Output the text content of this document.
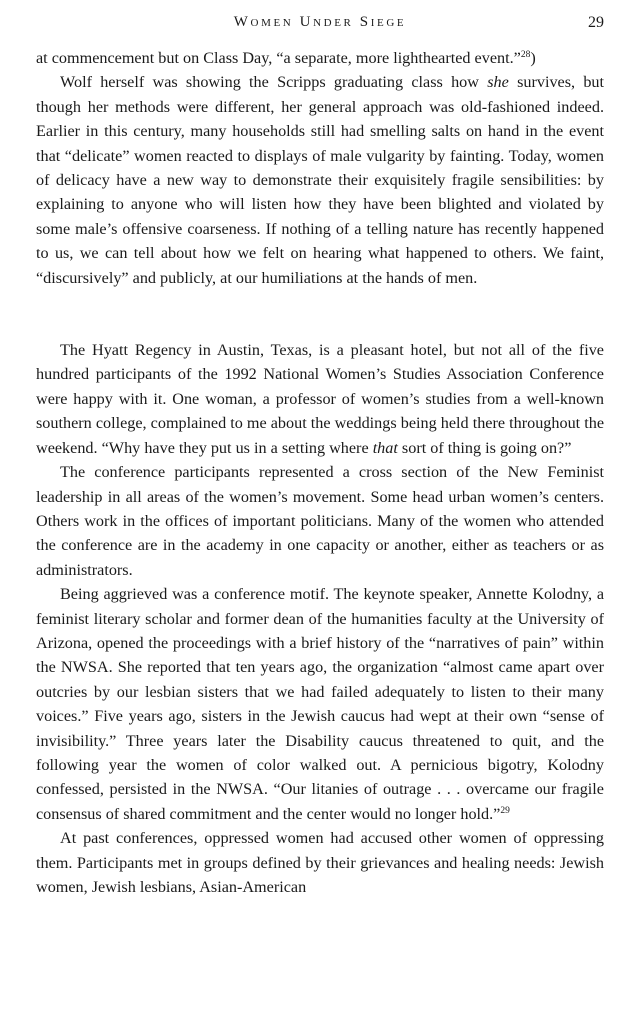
Women Under Siege	29

at commencement but on Class Day, “a separate, more lighthearted event.”$^{28}$)

Wolf herself was showing the Scripps graduating class how she survives, but though her methods were different, her general approach was old-fashioned indeed. Earlier in this century, many households still had smelling salts on hand in the event that “delicate” women reacted to displays of male vulgarity by fainting. Today, women of delicacy have a new way to demonstrate their exquisitely fragile sensibilities: by explaining to anyone who will listen how they have been blighted and violated by some male’s offensive coarseness. If nothing of a telling nature has recently happened to us, we can tell about how we felt on hearing what happened to others. We faint, “discursively” and publicly, at our humiliations at the hands of men.

The Hyatt Regency in Austin, Texas, is a pleasant hotel, but not all of the five hundred participants of the 1992 National Women’s Studies Association Conference were happy with it. One woman, a professor of women’s studies from a well-known southern college, complained to me about the weddings being held there throughout the weekend. “Why have they put us in a setting where that sort of thing is going on?”

The conference participants represented a cross section of the New Feminist leadership in all areas of the women’s movement. Some head urban women’s centers. Others work in the offices of important politicians. Many of the women who attended the conference are in the academy in one capacity or another, either as teachers or as administrators.

Being aggrieved was a conference motif. The keynote speaker, Annette Kolodny, a feminist literary scholar and former dean of the humanities faculty at the University of Arizona, opened the proceedings with a brief history of the “narratives of pain” within the NWSA. She reported that ten years ago, the organization “almost came apart over outcries by our lesbian sisters that we had failed adequately to listen to their many voices.” Five years ago, sisters in the Jewish caucus had wept at their own “sense of invisibility.” Three years later the Disability caucus threatened to quit, and the following year the women of color walked out. A pernicious bigotry, Kolodny confessed, persisted in the NWSA. “Our litanies of outrage . . . overcame our fragile consensus of shared commitment and the center would no longer hold.”$^{29}$

At past conferences, oppressed women had accused other women of oppressing them. Participants met in groups defined by their grievances and healing needs: Jewish women, Jewish lesbians, Asian-American
